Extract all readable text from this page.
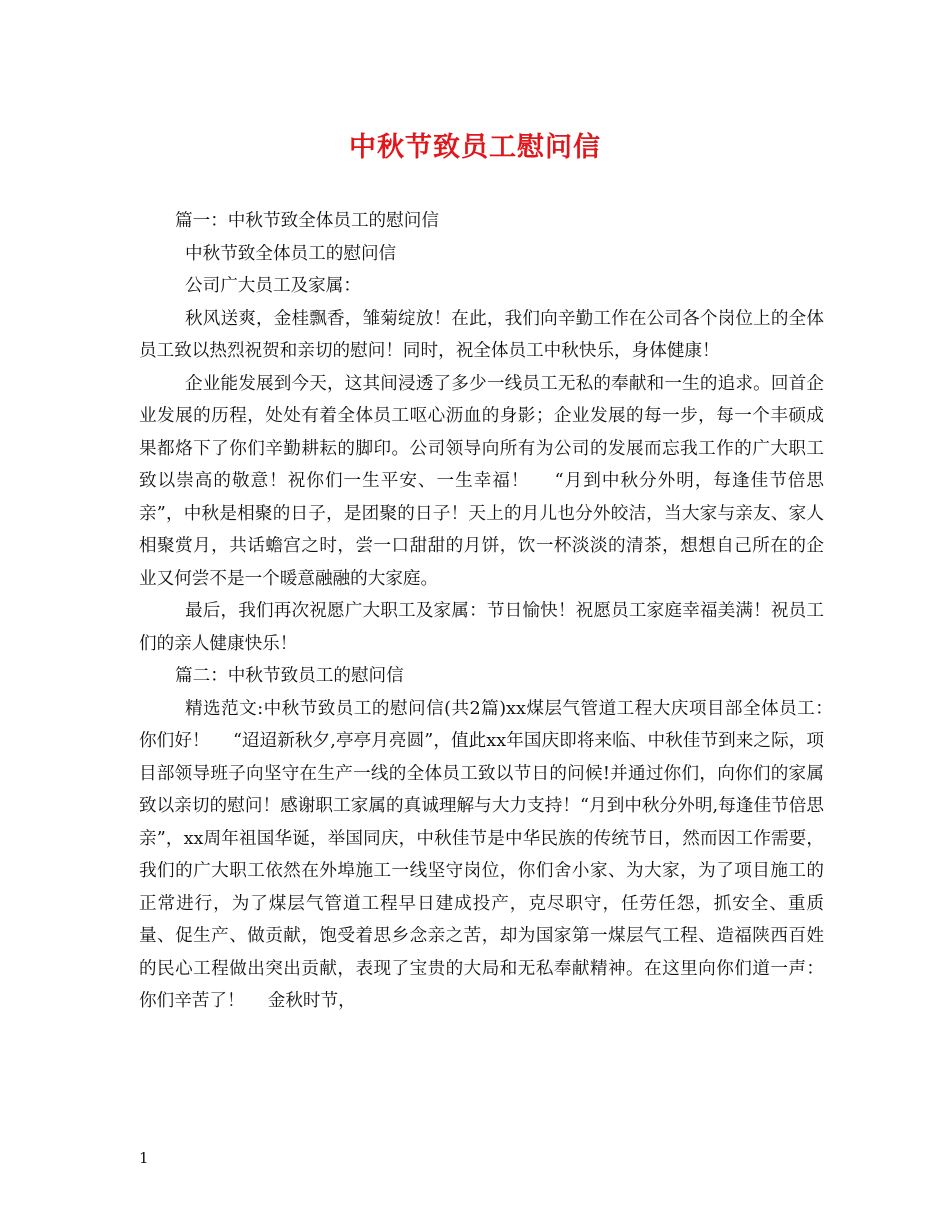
中秋节致员工慰问信

篇一：中秋节致全体员工的慰问信

中秋节致全体员工的慰问信

公司广大员工及家属：

秋风送爽，金桂飘香，雏菊绽放！在此，我们向辛勤工作在公司各个岗位上的全体员工致以热烈祝贺和亲切的慰问！同时，祝全体员工中秋快乐，身体健康！

企业能发展到今天，这其间浸透了多少一线员工无私的奉献和一生的追求。回首企业发展的历程，处处有着全体员工呕心沥血的身影；企业发展的每一步，每一个丰硕成果都烙下了你们辛勤耕耘的脚印。公司领导向所有为公司的发展而忘我工作的广大职工致以崇高的敬意！祝你们一生平安、一生幸福！　 “月到中秋分外明，每逢佳节倍思亲”，中秋是相聚的日子，是团聚的日子！天上的月儿也分外皎洁，当大家与亲友、家人相聚赏月，共话蟾宫之时，尝一口甜甜的月饼，饮一杯淡淡的清茶，想想自己所在的企业又何尝不是一个暖意融融的大家庭。

最后，我们再次祝愿广大职工及家属：节日愉快！祝愿员工家庭幸福美满！祝员工们的亲人健康快乐！

篇二：中秋节致员工的慰问信

精选范文:中秋节致员工的慰问信(共2篇)xx煤层气管道工程大庆项目部全体员工：　 你们好！　 “迢迢新秋夕,亭亭月亮圆”，值此xx年国庆即将来临、中秋佳节到来之际，项目部领导班子向坚守在生产一线的全体员工致以节日的问候!并通过你们，向你们的家属致以亲切的慰问！感谢职工家属的真诚理解与大力支持！“月到中秋分外明,每逢佳节倍思亲”，xx周年祖国华诞，举国同庆，中秋佳节是中华民族的传统节日，然而因工作需要，我们的广大职工依然在外埠施工一线坚守岗位，你们舍小家、为大家，为了项目施工的正常进行，为了煤层气管道工程早日建成投产，克尽职守，任劳任怨，抓安全、重质量、促生产、做贡献，饱受着思乡念亲之苦，却为国家第一煤层气工程、造福陕西百姓的民心工程做出突出贡献，表现了宝贵的大局和无私奉献精神。在这里向你们道一声：你们辛苦了！　 金秋时节，

1
